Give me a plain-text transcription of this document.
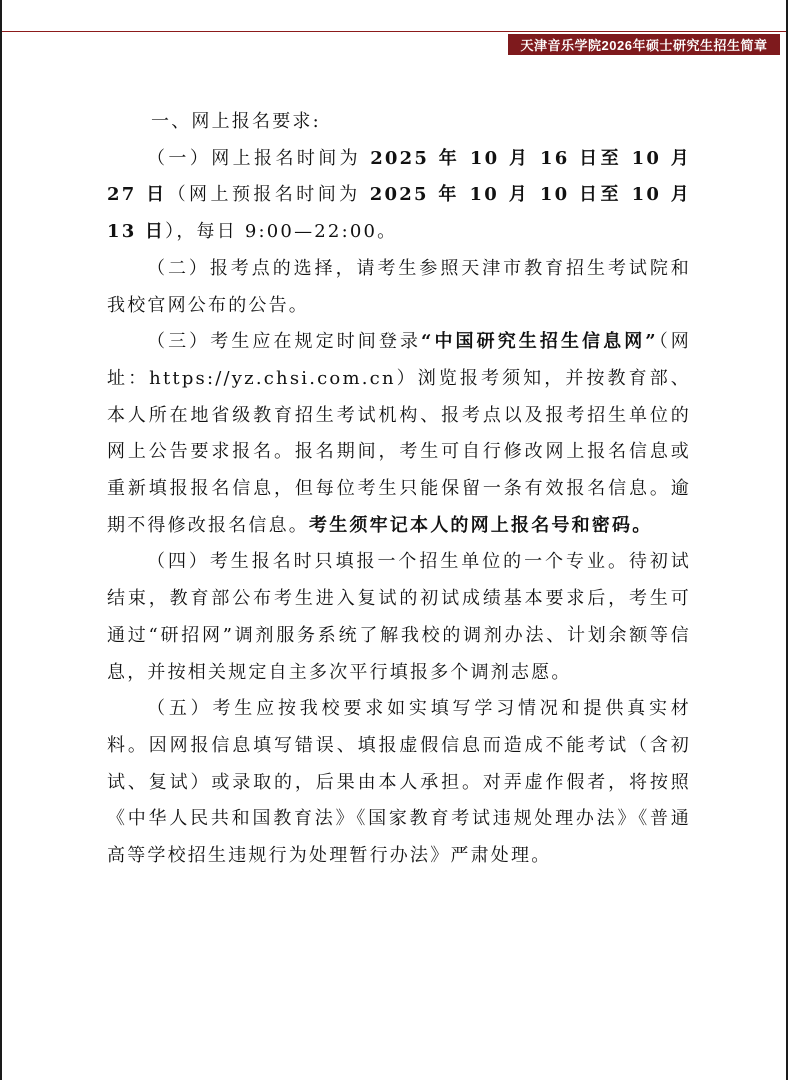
天津音乐学院2026年硕士研究生招生简章

一、网上报名要求:

（一）网上报名时间为 2025 年 10 月 16 日至 10 月 27 日（网上预报名时间为 2025 年 10 月 10 日至 10 月 13 日），每日 9:00—22:00。

（二）报考点的选择，请考生参照天津市教育招生考试院和我校官网公布的公告。

（三）考生应在规定时间登录“中国研究生招生信息网”（网址：https://yz.chsi.com.cn）浏览报考须知，并按教育部、本人所在地省级教育招生考试机构、报考点以及报考招生单位的网上公告要求报名。报名期间，考生可自行修改网上报名信息或重新填报报名信息，但每位考生只能保留一条有效报名信息。逾期不得修改报名信息。考生须牢记本人的网上报名号和密码。

（四）考生报名时只填报一个招生单位的一个专业。待初试结束，教育部公布考生进入复试的初试成绩基本要求后，考生可通过“研招网”调剂服务系统了解我校的调剂办法、计划余额等信息，并按相关规定自主多次平行填报多个调剂志愿。

（五）考生应按我校要求如实填写学习情况和提供真实材料。因网报信息填写错误、填报虚假信息而造成不能考试（含初试、复试）或录取的，后果由本人承担。对弄虚作假者，将按照《中华人民共和国教育法》《国家教育考试违规处理办法》《普通高等学校招生违规行为处理暂行办法》严肃处理。
